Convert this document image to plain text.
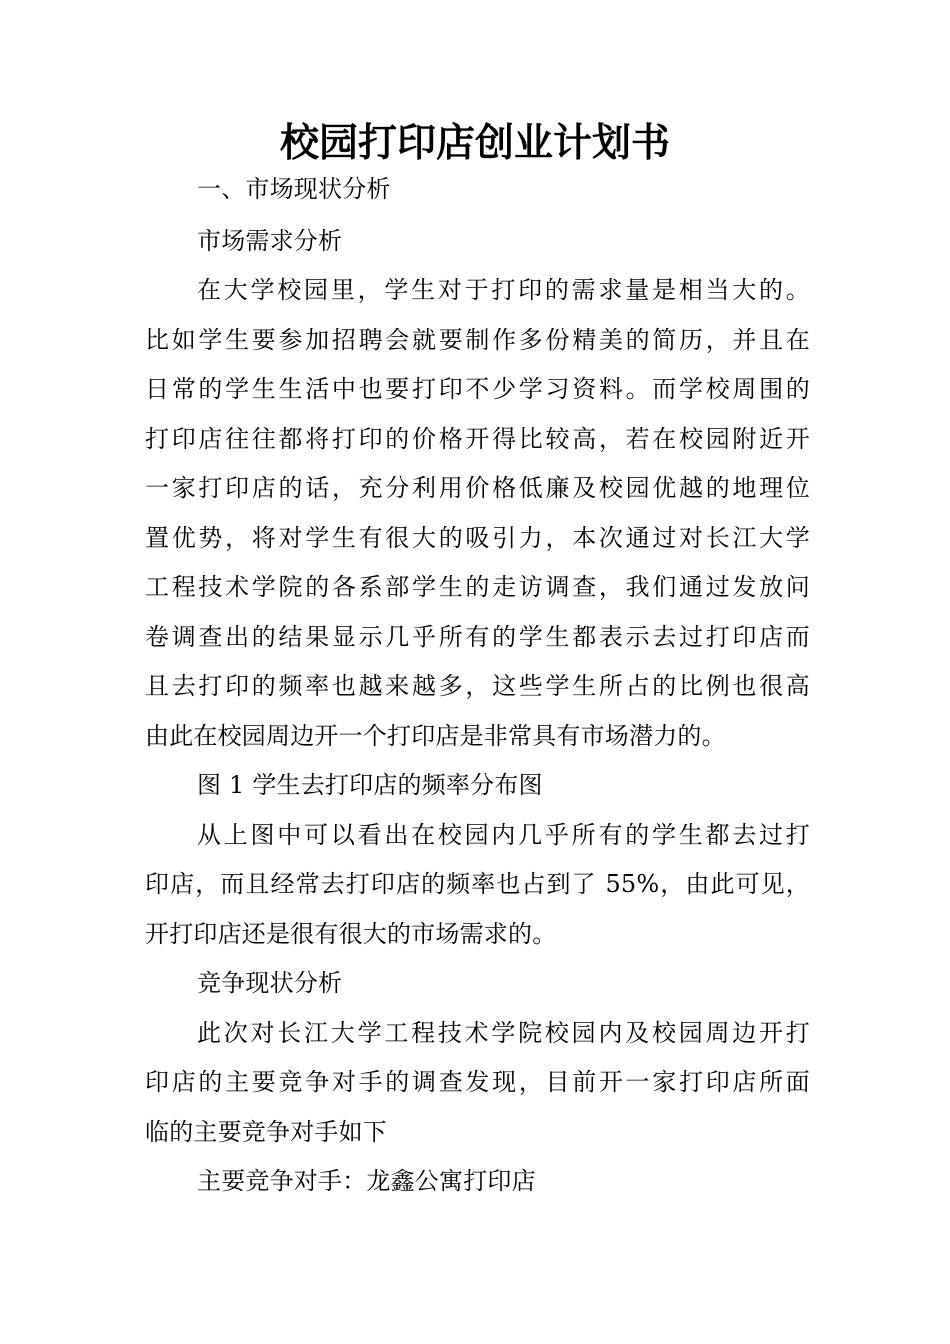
校园打印店创业计划书
一、市场现状分析
市场需求分析
在大学校园里，学生对于打印的需求量是相当大的。
比如学生要参加招聘会就要制作多份精美的简历，并且在
日常的学生生活中也要打印不少学习资料。而学校周围的
打印店往往都将打印的价格开得比较高，若在校园附近开
一家打印店的话，充分利用价格低廉及校园优越的地理位
置优势，将对学生有很大的吸引力，本次通过对长江大学
工程技术学院的各系部学生的走访调查，我们通过发放问
卷调查出的结果显示几乎所有的学生都表示去过打印店而
且去打印的频率也越来越多，这些学生所占的比例也很高
由此在校园周边开一个打印店是非常具有市场潜力的。
图 1 学生去打印店的频率分布图
从上图中可以看出在校园内几乎所有的学生都去过打
印店，而且经常去打印店的频率也占到了 55%，由此可见，
开打印店还是很有很大的市场需求的。
竞争现状分析
此次对长江大学工程技术学院校园内及校园周边开打
印店的主要竞争对手的调查发现，目前开一家打印店所面
临的主要竞争对手如下
主要竞争对手：龙鑫公寓打印店
